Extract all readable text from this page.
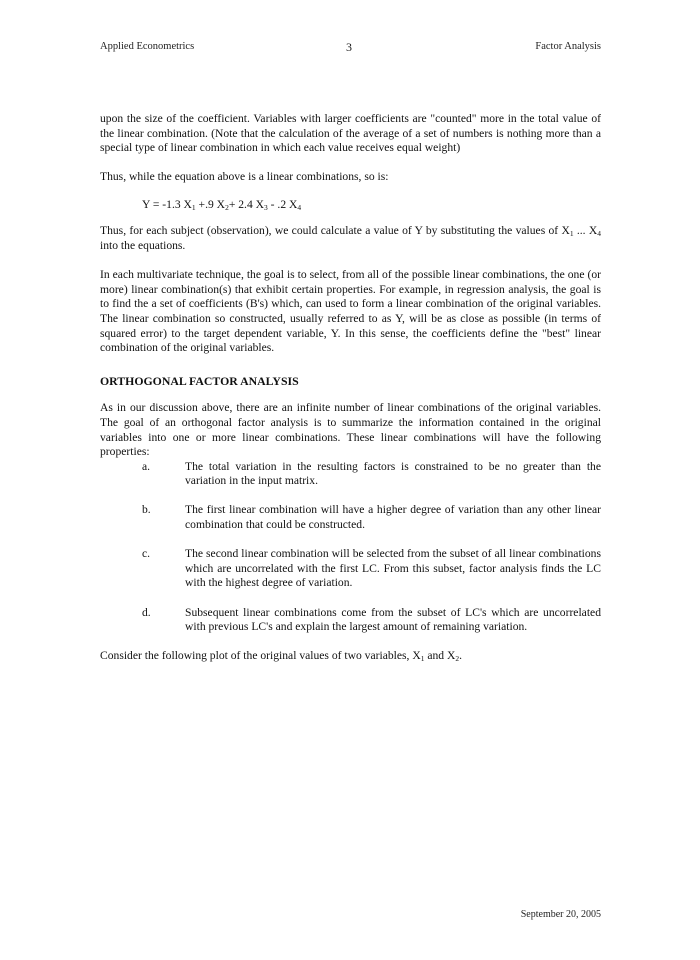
Applied Econometrics	3	Factor Analysis

upon the size of the coefficient. Variables with larger coefficients are "counted" more in the total value of the linear combination. (Note that the calculation of the average of a set of numbers is nothing more than a special type of linear combination in which each value receives equal weight)

Thus, while the equation above is a linear combinations, so is:

Y = -1.3 $X_1 +.9$ $X_2+ 2.4$ $X_3 - .2$ $X_4$

Thus, for each subject (observation), we could calculate a value of Y by substituting the values of $X_1$ ... $X_4$ into the equations.

In each multivariate technique, the goal is to select, from all of the possible linear combinations, the one (or more) linear combination(s) that exhibit certain properties. For example, in regression analysis, the goal is to find the a set of coefficients (B's) which, can used to form a linear combination of the original variables. The linear combination so constructed, usually referred to as Y, will be as close as possible (in terms of squared error) to the target dependent variable, Y. In this sense, the coefficients define the "best" linear combination of the original variables.

ORTHOGONAL FACTOR ANALYSIS

As in our discussion above, there are an infinite number of linear combinations of the original variables. The goal of an orthogonal factor analysis is to summarize the information contained in the original variables into one or more linear combinations. These linear combinations will have the following properties:

a.	The total variation in the resulting factors is constrained to be no greater than the variation in the input matrix.
b.	The first linear combination will have a higher degree of variation than any other linear combination that could be constructed.
c.	The second linear combination will be selected from the subset of all linear combinations which are uncorrelated with the first LC. From this subset, factor analysis finds the LC with the highest degree of variation.
d.	Subsequent linear combinations come from the subset of LC's which are uncorrelated with previous LC's and explain the largest amount of remaining variation.

Consider the following plot of the original values of two variables, $X_1$ and $X_2$.

September 20, 2005
